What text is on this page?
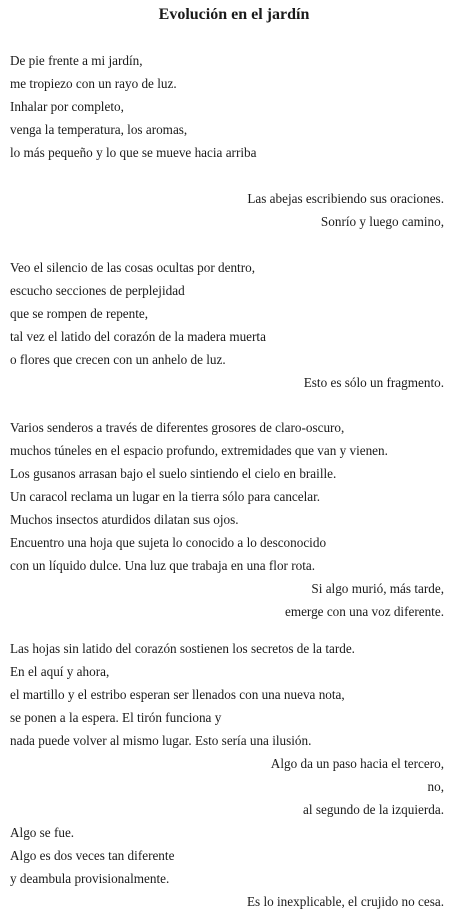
Evolución en el jardín
De pie frente a mi jardín,
me tropiezo con un rayo de luz.
Inhalar por completo,
venga la temperatura, los aromas,
lo más pequeño y lo que se mueve hacia arriba
Las abejas escribiendo sus oraciones.
Sonrío y luego camino,
Veo el silencio de las cosas ocultas por dentro,
escucho secciones de perplejidad
que se rompen de repente,
tal vez el latido del corazón de la madera muerta
o flores que crecen con un anhelo de luz.
Esto es sólo un fragmento.
Varios senderos a través de diferentes grosores de claro-oscuro,
muchos túneles en el espacio profundo, extremidades que van y vienen.
Los gusanos arrasan bajo el suelo sintiendo el cielo en braille.
Un caracol reclama un lugar en la tierra sólo para cancelar.
Muchos insectos aturdidos dilatan sus ojos.
Encuentro una hoja que sujeta lo conocido a lo desconocido
con un líquido dulce. Una luz que trabaja en una flor rota.
Si algo murió, más tarde,
emerge con una voz diferente.
Las hojas sin latido del corazón sostienen los secretos de la tarde.
En el aquí y ahora,
el martillo y el estribo esperan ser llenados con una nueva nota,
se ponen a la espera. El tirón funciona y
nada puede volver al mismo lugar. Esto sería una ilusión.
Algo da un paso hacia el tercero,
no,
al segundo de la izquierda.
Algo se fue.
Algo es dos veces tan diferente
y deambula provisionalmente.
Es lo inexplicable, el crujido no cesa.
